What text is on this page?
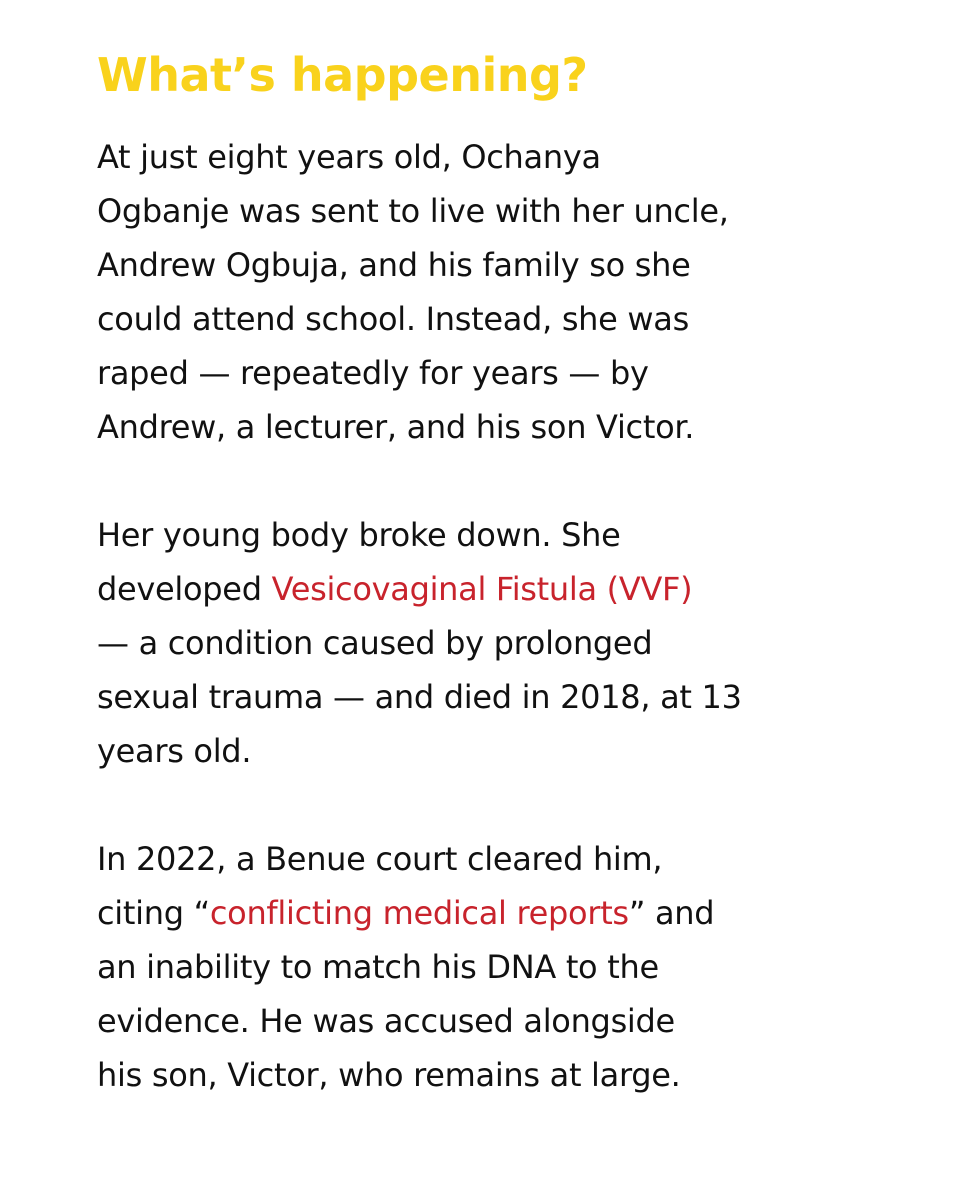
What’s happening?

At just eight years old, Ochanya
Ogbanje was sent to live with her uncle,
Andrew Ogbuja, and his family so she
could attend school. Instead, she was
raped — repeatedly for years — by
Andrew, a lecturer, and his son Victor.

Her young body broke down. She
developed Vesicovaginal Fistula (VVF)
— a condition caused by prolonged
sexual trauma — and died in 2018, at 13
years old.

In 2022, a Benue court cleared him,
citing “conflicting medical reports” and
an inability to match his DNA to the
evidence. He was accused alongside
his son, Victor, who remains at large.
